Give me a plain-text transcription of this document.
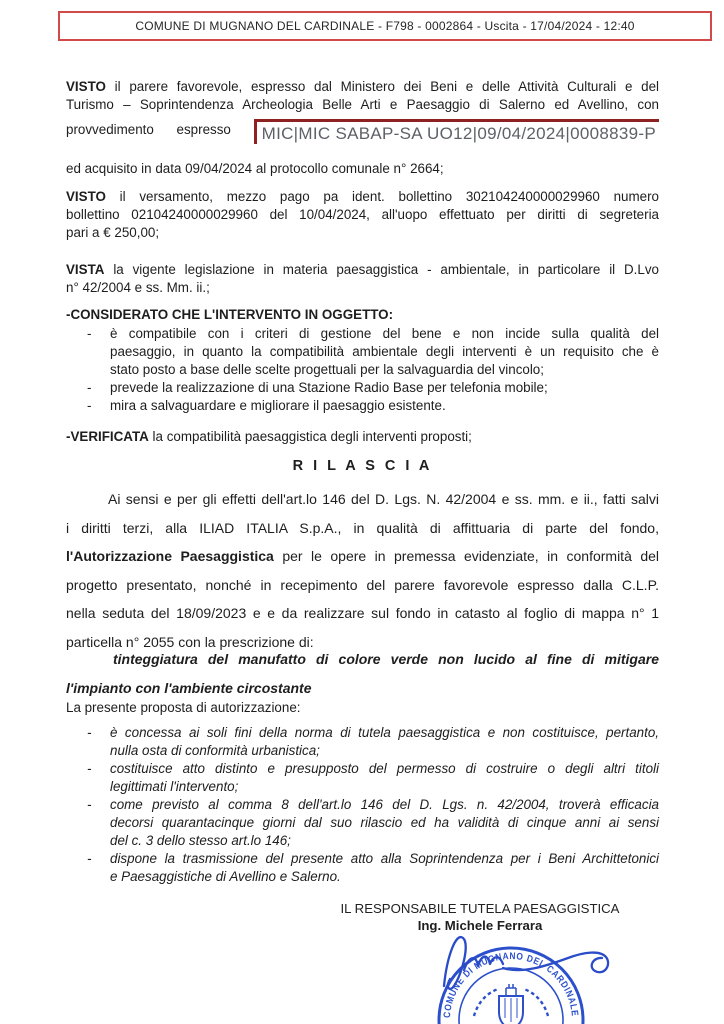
COMUNE DI MUGNANO DEL CARDINALE - F798 - 0002864 - Uscita - 17/04/2024 - 12:40
VISTO il parere favorevole, espresso dal Ministero dei Beni e delle Attività Culturali e del
Turismo – Soprintendenza Archeologia Belle Arti e Paesaggio di Salerno ed Avellino, con
provvedimento espresso MIC|MIC SABAP-SA UO12|09/04/2024|0008839-P
ed acquisito in data 09/04/2024 al protocollo comunale n° 2664;
VISTO il versamento, mezzo pago pa ident. bollettino 302104240000029960 numero
bollettino 02104240000029960 del 10/04/2024, all'uopo effettuato per diritti di segreteria
pari a € 250,00;
VISTA la vigente legislazione in materia paesaggistica - ambientale, in particolare il D.Lvo
n° 42/2004 e ss. Mm. ii.;
-CONSIDERATO CHE L'INTERVENTO IN OGGETTO:
- è compatibile con i criteri di gestione del bene e non incide sulla qualità del
paesaggio, in quanto la compatibilità ambientale degli interventi è un requisito che è
stato posto a base delle scelte progettuali per la salvaguardia del vincolo;
- prevede la realizzazione di una Stazione Radio Base per telefonia mobile;
- mira a salvaguardare e migliorare il paesaggio esistente.
-VERIFICATA la compatibilità paesaggistica degli interventi proposti;
R I L A S C I A
Ai sensi e per gli effetti dell'art.lo 146 del D. Lgs. N. 42/2004 e ss. mm. e ii., fatti salvi
i diritti terzi, alla ILIAD ITALIA S.p.A., in qualità di affittuaria di parte del fondo,
l'Autorizzazione Paesaggistica per le opere in premessa evidenziate, in conformità del
progetto presentato, nonché in recepimento del parere favorevole espresso dalla C.L.P.
nella seduta del 18/09/2023 e e da realizzare sul fondo in catasto al foglio di mappa n° 1
particella n° 2055 con la prescrizione di:
tinteggiatura del manufatto di colore verde non lucido al fine di mitigare
l'impianto con l'ambiente circostante
La presente proposta di autorizzazione:
- è concessa ai soli fini della norma di tutela paesaggistica e non costituisce, pertanto,
nulla osta di conformità urbanistica;
- costituisce atto distinto e presupposto del permesso di costruire o degli altri titoli
legittimati l'intervento;
- come previsto al comma 8 dell'art.lo 146 del D. Lgs. n. 42/2004, troverà efficacia
decorsi quarantacinque giorni dal suo rilascio ed ha validità di cinque anni ai sensi
del c. 3 dello stesso art.lo 146;
- dispone la trasmissione del presente atto alla Soprintendenza per i Beni Archittetonici
e Paesaggistiche di Avellino e Salerno.
IL RESPONSABILE TUTELA PAESAGGISTICA
Ing. Michele Ferrara
COMUNE DI MUGNANO DEL CARDINALE
